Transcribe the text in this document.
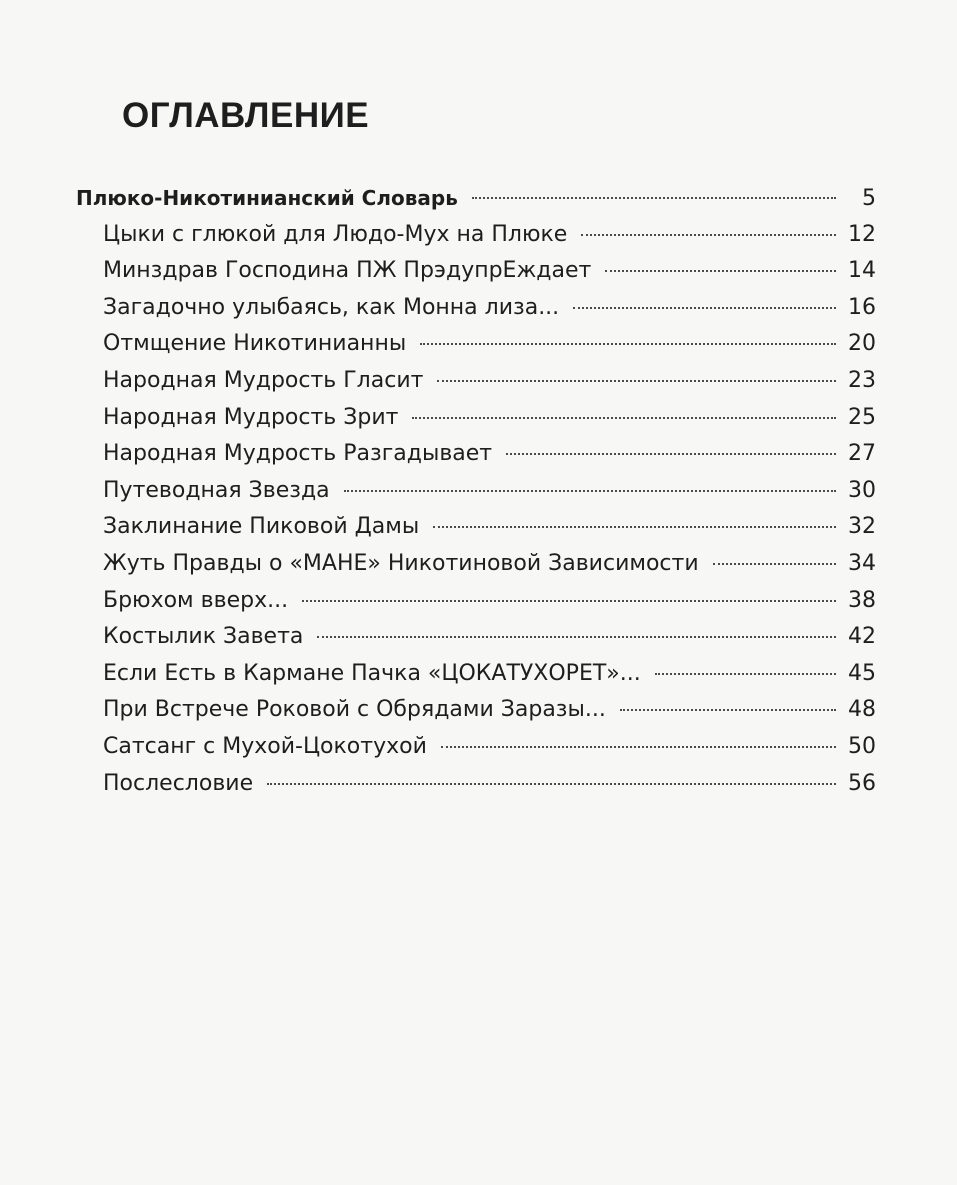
ОГЛАВЛЕНИЕ
Плюко-Никотинианский Словарь	5
Цыки с глюкой для Людо-Мух на Плюке	12
Минздрав Господина ПЖ ПрэдупрЕждает	14
Загадочно улыбаясь, как Монна лиза...	16
Отмщение Никотинианны	20
Народная Мудрость Гласит	23
Народная Мудрость Зрит	25
Народная Мудрость Разгадывает	27
Путеводная Звезда	30
Заклинание Пиковой Дамы	32
Жуть Правды о «МАНЕ» Никотиновой Зависимости	34
Брюхом вверх...	38
Костылик Завета	42
Если Есть в Кармане Пачка «ЦОКАТУХОРЕТ»...	45
При Встрече Роковой с Обрядами Заразы...	48
Сатсанг с Мухой-Цокотухой	50
Послесловие	56
